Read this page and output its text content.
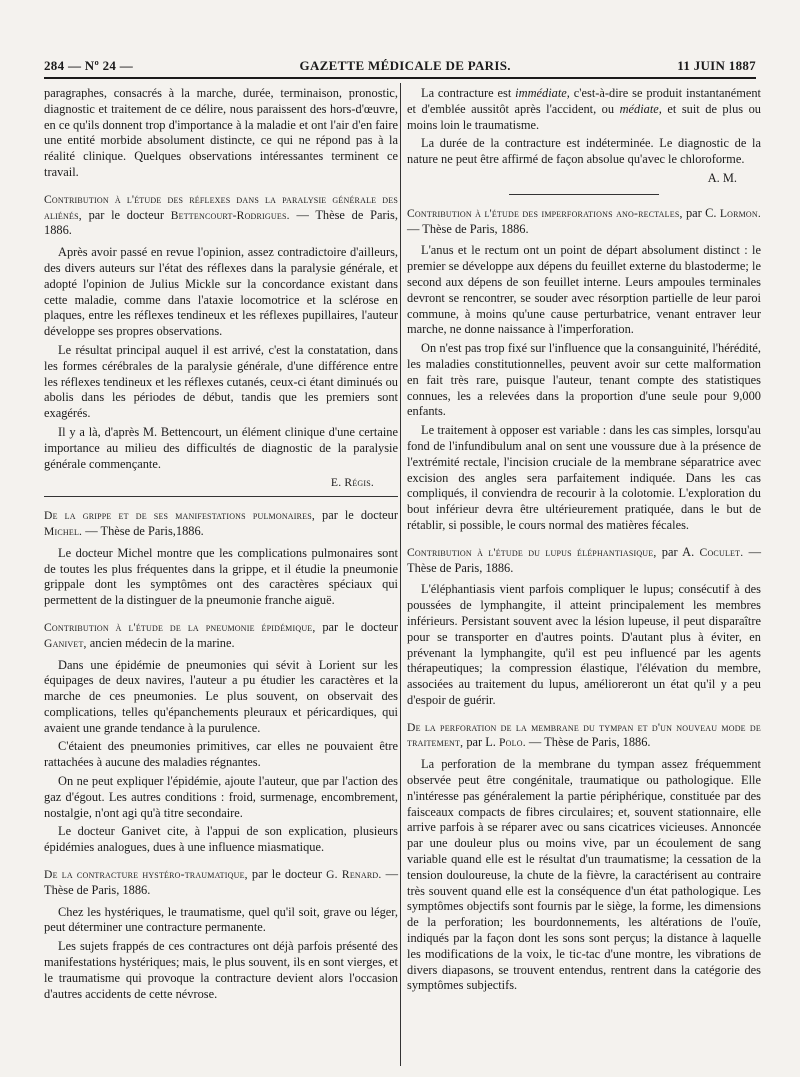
284 — Nº 24 —	GAZETTE MÉDICALE DE PARIS.	11 JUIN 1887

paragraphes, consacrés à la marche, durée, terminaison, pronostic, diagnostic et traitement de ce délire, nous paraissent des hors-d'œuvre, en ce qu'ils donnent trop d'importance à la maladie et ont l'air d'en faire une entité morbide absolument distincte, ce qui ne répond pas à la réalité clinique. Quelques observations intéressantes terminent ce travail.

Contribution à l'étude des réflexes dans la paralysie générale des aliénés, par le docteur Bettencourt-Rodrigues. — Thèse de Paris, 1886.

Après avoir passé en revue l'opinion, assez contradictoire d'ailleurs, des divers auteurs sur l'état des réflexes dans la paralysie générale, et adopté l'opinion de Julius Mickle sur la concordance existant dans cette maladie, comme dans l'ataxie locomotrice et la sclérose en plaques, entre les réflexes tendineux et les réflexes pupillaires, l'auteur développe ses propres observations.

Le résultat principal auquel il est arrivé, c'est la constatation, dans les formes cérébrales de la paralysie générale, d'une différence entre les réflexes tendineux et les réflexes cutanés, ceux-ci étant diminués ou abolis dans les périodes de début, tandis que les premiers sont exagérés.

Il y a là, d'après M. Bettencourt, un élément clinique d'une certaine importance au milieu des difficultés de diagnostic de la paralysie générale commençante.

E. Régis.

De la grippe et de ses manifestations pulmonaires, par le docteur Michel. — Thèse de Paris,1886.

Le docteur Michel montre que les complications pulmonaires sont de toutes les plus fréquentes dans la grippe, et il étudie la pneumonie grippale dont les symptômes ont des caractères spéciaux qui permettent de la distinguer de la pneumonie franche aiguë.

Contribution à l'étude de la pneumonie épidémique, par le docteur Ganivet, ancien médecin de la marine.

Dans une épidémie de pneumonies qui sévit à Lorient sur les équipages de deux navires, l'auteur a pu étudier les caractères et la marche de ces pneumonies. Le plus souvent, on observait des complications, telles qu'épanchements pleuraux et péricardiques, qui avaient une grande tendance à la purulence.

C'étaient des pneumonies primitives, car elles ne pouvaient être rattachées à aucune des maladies régnantes.

On ne peut expliquer l'épidémie, ajoute l'auteur, que par l'action des gaz d'égout. Les autres conditions : froid, surmenage, encombrement, nostalgie, n'ont agi qu'à titre secondaire.

Le docteur Ganivet cite, à l'appui de son explication, plusieurs épidémies analogues, dues à une influence miasmatique.

De la contracture hystéro-traumatique, par le docteur G. Renard. — Thèse de Paris, 1886.

Chez les hystériques, le traumatisme, quel qu'il soit, grave ou léger, peut déterminer une contracture permanente.

Les sujets frappés de ces contractures ont déjà parfois présenté des manifestations hystériques; mais, le plus souvent, ils en sont vierges, et le traumatisme qui provoque la contracture devient alors l'occasion d'autres accidents de cette névrose.

La contracture est immédiate, c'est-à-dire se produit instantanément et d'emblée aussitôt après l'accident, ou médiate, et suit de plus ou moins loin le traumatisme.

La durée de la contracture est indéterminée. Le diagnostic de la nature ne peut être affirmé de façon absolue qu'avec le chloroforme.

A. M.

Contribution à l'étude des imperforations ano-rectales, par C. Lormon. — Thèse de Paris, 1886.

L'anus et le rectum ont un point de départ absolument distinct : le premier se développe aux dépens du feuillet externe du blastoderme; le second aux dépens de son feuillet interne. Leurs ampoules terminales devront se rencontrer, se souder avec résorption partielle de leur paroi commune, à moins qu'une cause perturbatrice, venant entraver leur marche, ne donne naissance à l'imperforation.

On n'est pas trop fixé sur l'influence que la consanguinité, l'hérédité, les maladies constitutionnelles, peuvent avoir sur cette malformation en fait très rare, puisque l'auteur, tenant compte des statistiques connues, les a relevées dans la proportion d'une seule pour 9,000 enfants.

Le traitement à opposer est variable : dans les cas simples, lorsqu'au fond de l'infundibulum anal on sent une voussure due à la présence de l'extrémité rectale, l'incision cruciale de la membrane séparatrice avec excision des angles sera parfaitement indiquée. Dans les cas compliqués, il conviendra de recourir à la colotomie. L'exploration du bout inférieur devra être ultérieurement pratiquée, dans le but de rétablir, si possible, le cours normal des matières fécales.

Contribution à l'étude du lupus éléphantiasique, par A. Coculet. — Thèse de Paris, 1886.

L'éléphantiasis vient parfois compliquer le lupus; consécutif à des poussées de lymphangite, il atteint principalement les membres inférieurs. Persistant souvent avec la lésion lupeuse, il peut disparaître pour se transporter en d'autres points. D'autant plus à éviter, en prévenant la lymphangite, qu'il est peu influencé par les agents thérapeutiques; la compression élastique, l'élévation du membre, associées au traitement du lupus, amélioreront un état qu'il y a peu d'espoir de guérir.

De la perforation de la membrane du tympan et d'un nouveau mode de traitement, par L. Polo. — Thèse de Paris, 1886.

La perforation de la membrane du tympan assez fréquemment observée peut être congénitale, traumatique ou pathologique. Elle n'intéresse pas généralement la partie périphérique, constituée par des faisceaux compacts de fibres circulaires; et, souvent stationnaire, elle arrive parfois à se réparer avec ou sans cicatrices vicieuses. Annoncée par une douleur plus ou moins vive, par un écoulement de sang variable quand elle est le résultat d'un traumatisme; la cessation de la tension douloureuse, la chute de la fièvre, la caractérisent au contraire très souvent quand elle est la conséquence d'un état pathologique. Les symptômes objectifs sont fournis par le siège, la forme, les dimensions de la perforation; les bourdonnements, les altérations de l'ouïe, indiqués par la façon dont les sons sont perçus; la distance à laquelle les modifications de la voix, le tic-tac d'une montre, les vibrations de divers diapasons, se trouvent entendus, rentrent dans la catégorie des symptômes subjectifs.
